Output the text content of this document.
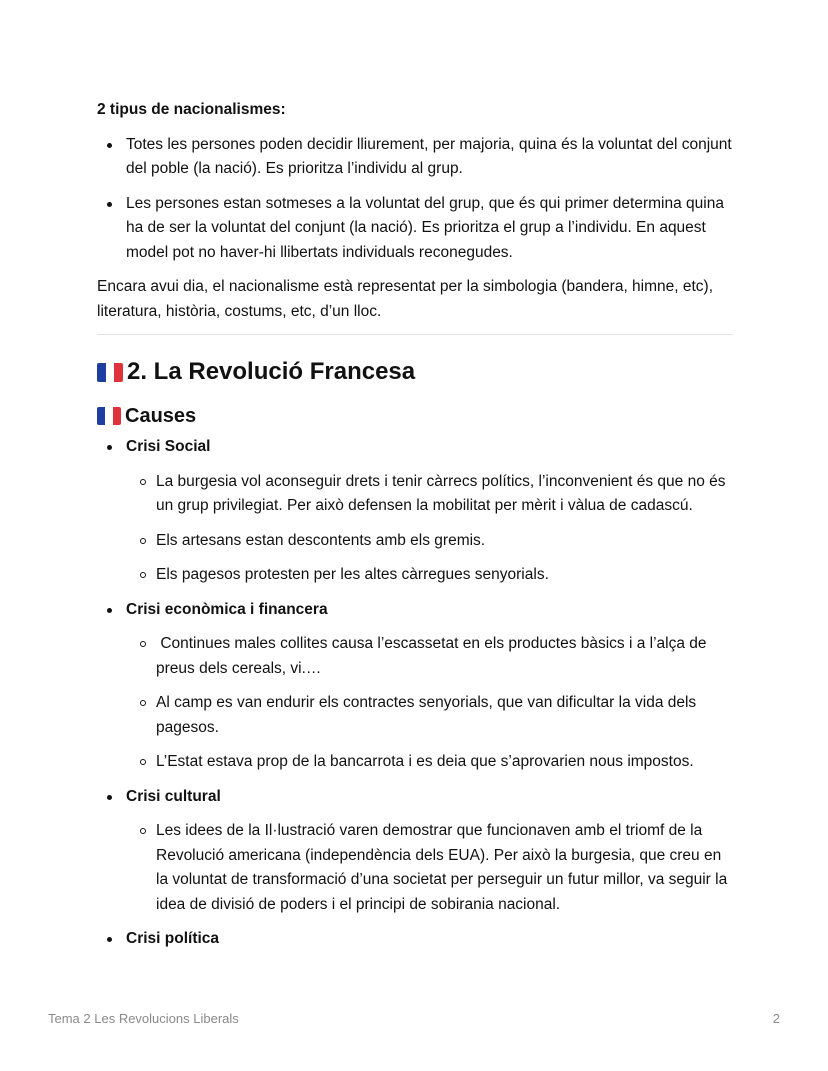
2 tipus de nacionalismes:

Totes les persones poden decidir lliurement, per majoria, quina és la voluntat del conjunt del poble (la nació). Es prioritza l’individu al grup.
Les persones estan sotmeses a la voluntat del grup, que és qui primer determina quina ha de ser la voluntat del conjunt (la nació). Es prioritza el grup a l’individu. En aquest model pot no haver-hi llibertats individuals reconegudes.

Encara avui dia, el nacionalisme està representat per la simbologia (bandera, himne, etc), literatura, història, costums, etc, d’un lloc.

2. La Revolució Francesa
Causes
Crisi Social
La burgesia vol aconseguir drets i tenir càrrecs polítics, l’inconvenient és que no és un grup privilegiat. Per això defensen la mobilitat per mèrit i vàlua de cadascú.
Els artesans estan descontents amb els gremis.
Els pagesos protesten per les altes càrregues senyorials.
Crisi econòmica i financera
Continues males collites causa l’escassetat en els productes bàsics i a l’alça de preus dels cereals, vi.…
Al camp es van endurir els contractes senyorials, que van dificultar la vida dels pagesos.
L’Estat estava prop de la bancarrota i es deia que s’aprovarien nous impostos.
Crisi cultural
Les idees de la Il·lustració varen demostrar que funcionaven amb el triomf de la Revolució americana (independència dels EUA). Per això la burgesia, que creu en la voluntat de transformació d’una societat per perseguir un futur millor, va seguir la idea de divisió de poders i el principi de sobirania nacional.
Crisi política
Tema 2 Les Revolucions Liberals	2
